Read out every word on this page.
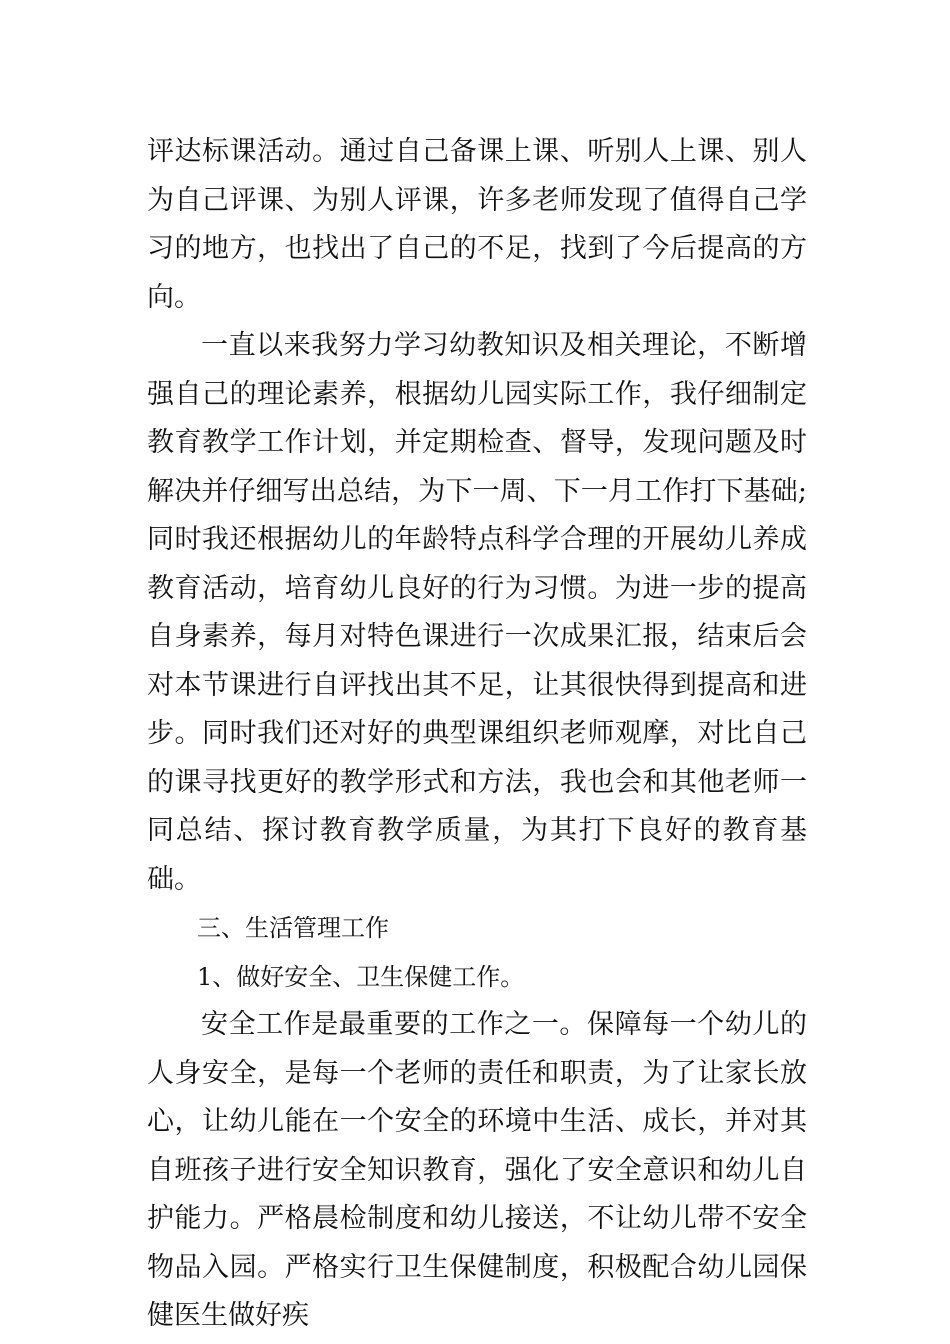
评达标课活动。通过自己备课上课、听别人上课、别人为自己评课、为别人评课，许多老师发现了值得自己学习的地方，也找出了自己的不足，找到了今后提高的方向。

一直以来我努力学习幼教知识及相关理论，不断增强自己的理论素养，根据幼儿园实际工作，我仔细制定教育教学工作计划，并定期检查、督导，发现问题及时解决并仔细写出总结，为下一周、下一月工作打下基础;同时我还根据幼儿的年龄特点科学合理的开展幼儿养成教育活动，培育幼儿良好的行为习惯。为进一步的提高自身素养，每月对特色课进行一次成果汇报，结束后会对本节课进行自评找出其不足，让其很快得到提高和进步。同时我们还对好的典型课组织老师观摩，对比自己的课寻找更好的教学形式和方法，我也会和其他老师一同总结、探讨教育教学质量，为其打下良好的教育基础。

三、生活管理工作

1、做好安全、卫生保健工作。

安全工作是最重要的工作之一。保障每一个幼儿的人身安全，是每一个老师的责任和职责，为了让家长放心，让幼儿能在一个安全的环境中生活、成长，并对其自班孩子进行安全知识教育，强化了安全意识和幼儿自护能力。严格晨检制度和幼儿接送，不让幼儿带不安全物品入园。严格实行卫生保健制度，积极配合幼儿园保健医生做好疾
